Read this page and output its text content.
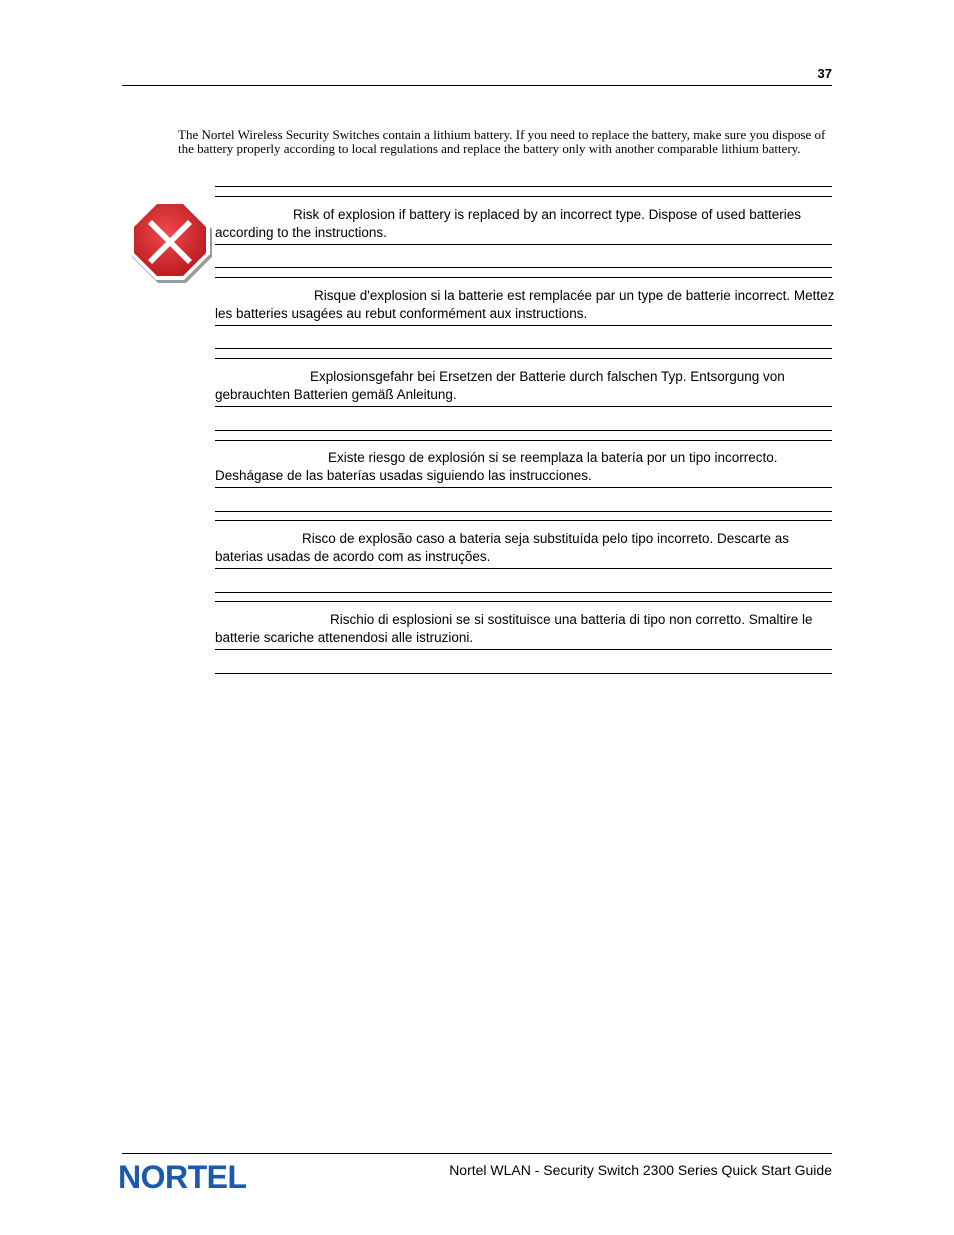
37
The Nortel Wireless Security Switches contain a lithium battery. If you need to replace the battery, make sure you dispose of the battery properly according to local regulations and replace the battery only with another comparable lithium battery.
Risk of explosion if battery is replaced by an incorrect type. Dispose of used batteries according to the instructions.
Risque d'explosion si la batterie est remplacée par un type de batterie incorrect. Mettez les batteries usagées au rebut conformément aux instructions.
Explosionsgefahr bei Ersetzen der Batterie durch falschen Typ. Entsorgung von gebrauchten Batterien gemäß Anleitung.
Existe riesgo de explosión si se reemplaza la batería por un tipo incorrecto. Deshágase de las baterías usadas siguiendo las instrucciones.
Risco de explosão caso a bateria seja substituída pelo tipo incorreto. Descarte as baterias usadas de acordo com as instruções.
Rischio di esplosioni se si sostituisce una batteria di tipo non corretto. Smaltire le batterie scariche attenendosi alle istruzioni.
NORTEL	Nortel WLAN - Security Switch 2300 Series Quick Start Guide
